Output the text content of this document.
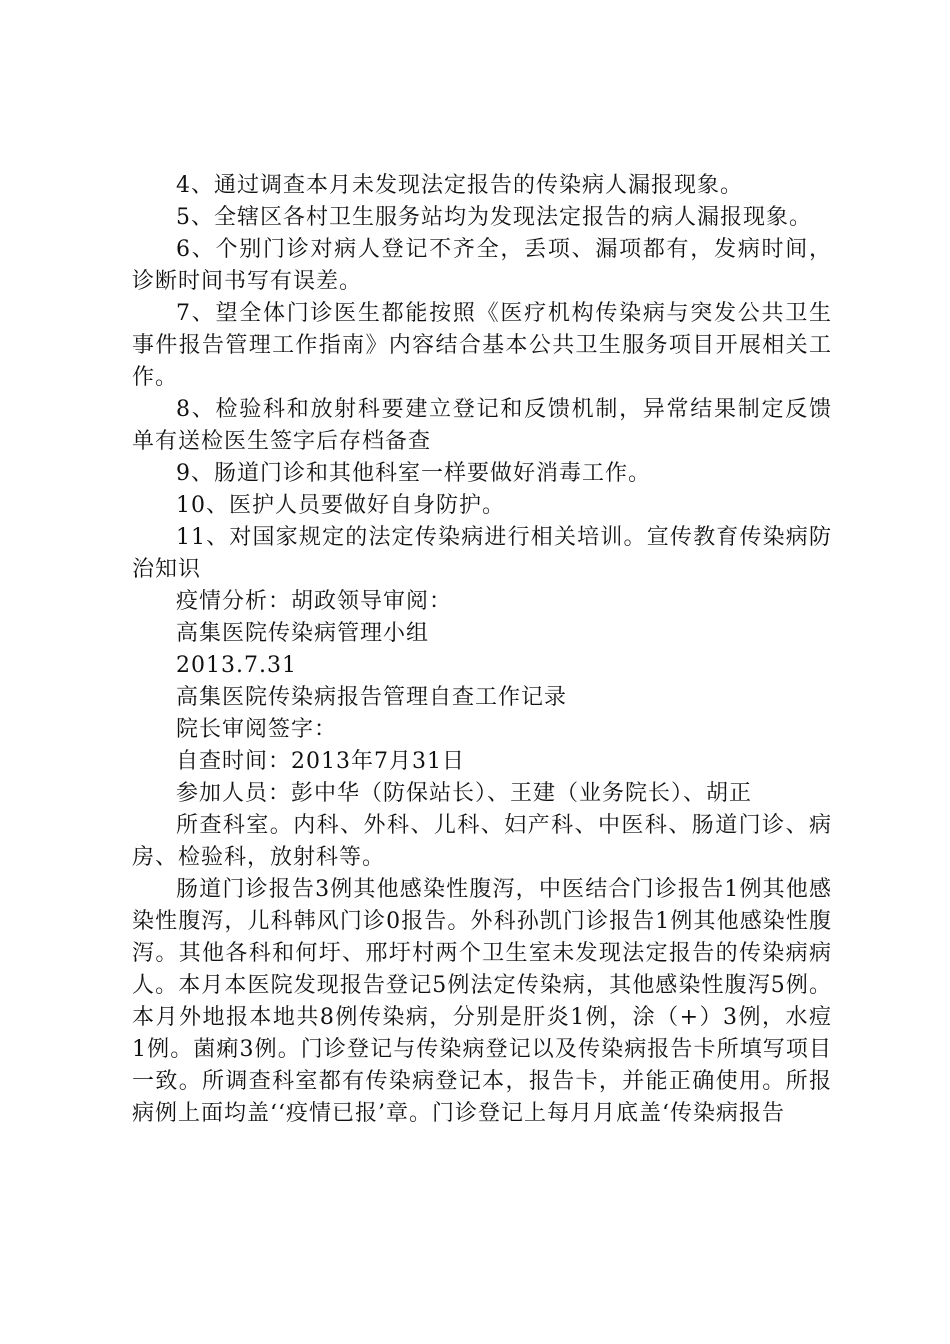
4、通过调查本月未发现法定报告的传染病人漏报现象。

5、全辖区各村卫生服务站均为发现法定报告的病人漏报现象。

6、个别门诊对病人登记不齐全，丢项、漏项都有，发病时间，诊断时间书写有误差。

7、望全体门诊医生都能按照《医疗机构传染病与突发公共卫生事件报告管理工作指南》内容结合基本公共卫生服务项目开展相关工作。

8、检验科和放射科要建立登记和反馈机制，异常结果制定反馈单有送检医生签字后存档备查

9、肠道门诊和其他科室一样要做好消毒工作。

10、医护人员要做好自身防护。

11、对国家规定的法定传染病进行相关培训。宣传教育传染病防治知识

疫情分析：胡政领导审阅：

高集医院传染病管理小组

2013.7.31

高集医院传染病报告管理自查工作记录

院长审阅签字：

自查时间：2013年7月31日

参加人员：彭中华（防保站长）、王建（业务院长）、胡正

所查科室。内科、外科、儿科、妇产科、中医科、肠道门诊、病房、检验科，放射科等。

肠道门诊报告3例其他感染性腹泻，中医结合门诊报告1例其他感染性腹泻，儿科韩风门诊0报告。外科孙凯门诊报告1例其他感染性腹泻。其他各科和何圩、邢圩村两个卫生室未发现法定报告的传染病病人。本月本医院发现报告登记5例法定传染病，其他感染性腹泻5例。本月外地报本地共8例传染病，分别是肝炎1例，涂（+）3例，水痘1例。菌痢3例。门诊登记与传染病登记以及传染病报告卡所填写项目一致。所调查科室都有传染病登记本，报告卡，并能正确使用。所报病例上面均盖‘‘疫情已报’章。门诊登记上每月月底盖‘传染病报告
